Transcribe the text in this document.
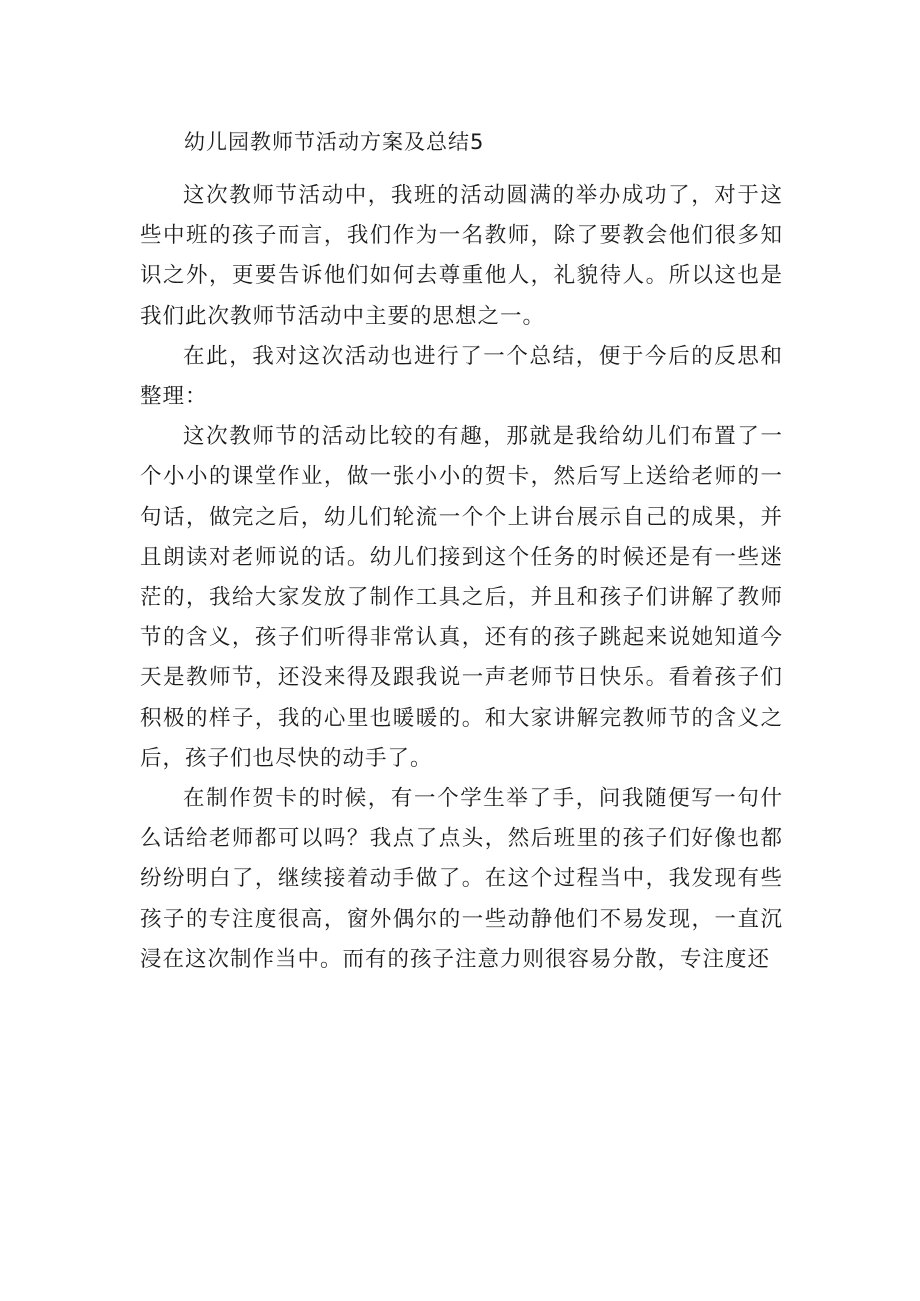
幼儿园教师节活动方案及总结5

这次教师节活动中，我班的活动圆满的举办成功了，对于这些中班的孩子而言，我们作为一名教师，除了要教会他们很多知识之外，更要告诉他们如何去尊重他人，礼貌待人。所以这也是我们此次教师节活动中主要的思想之一。

在此，我对这次活动也进行了一个总结，便于今后的反思和整理：

这次教师节的活动比较的有趣，那就是我给幼儿们布置了一个小小的课堂作业，做一张小小的贺卡，然后写上送给老师的一句话，做完之后，幼儿们轮流一个个上讲台展示自己的成果，并且朗读对老师说的话。幼儿们接到这个任务的时候还是有一些迷茫的，我给大家发放了制作工具之后，并且和孩子们讲解了教师节的含义，孩子们听得非常认真，还有的孩子跳起来说她知道今天是教师节，还没来得及跟我说一声老师节日快乐。看着孩子们积极的样子，我的心里也暖暖的。和大家讲解完教师节的含义之后，孩子们也尽快的动手了。

在制作贺卡的时候，有一个学生举了手，问我随便写一句什么话给老师都可以吗？我点了点头，然后班里的孩子们好像也都纷纷明白了，继续接着动手做了。在这个过程当中，我发现有些孩子的专注度很高，窗外偶尔的一些动静他们不易发现，一直沉浸在这次制作当中。而有的孩子注意力则很容易分散，专注度还
